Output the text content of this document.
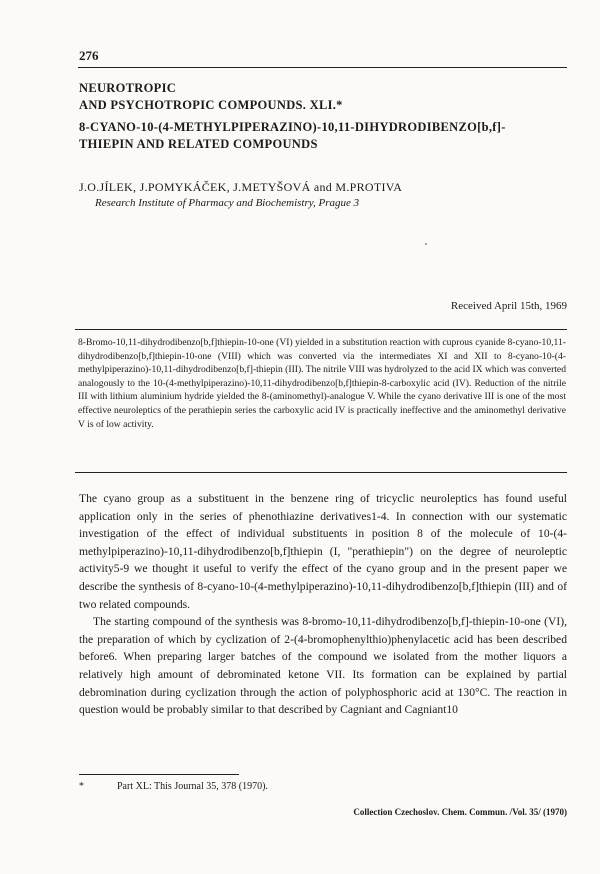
276
NEUROTROPIC
AND PSYCHOTROPIC COMPOUNDS. XLI.*
8-CYANO-10-(4-METHYLPIPERAZINO)-10,11-DIHYDRODIBENZO[b,f]-
THIEPIN AND RELATED COMPOUNDS
J.O.JÍLEK, J.POMYKÁČEK, J.METYŠOVÁ and M.PROTIVA
Research Institute of Pharmacy and Biochemistry, Prague 3
Received April 15th, 1969
8-Bromo-10,11-dihydrodibenzo[b,f]thiepin-10-one (VI) yielded in a substitution reaction with cuprous cyanide 8-cyano-10,11-dihydrodibenzo[b,f]thiepin-10-one (VIII) which was converted via the intermediates XI and XII to 8-cyano-10-(4-methylpiperazino)-10,11-dihydrodibenzo[b,f]-thiepin (III). The nitrile VIII was hydrolyzed to the acid IX which was converted analogously to the 10-(4-methylpiperazino)-10,11-dihydrodibenzo[b,f]thiepin-8-carboxylic acid (IV). Reduction of the nitrile III with lithium aluminium hydride yielded the 8-(aminomethyl)-analogue V. While the cyano derivative III is one of the most effective neuroleptics of the perathiepin series the carboxylic acid IV is practically ineffective and the aminomethyl derivative V is of low activity.

The cyano group as a substituent in the benzene ring of tricyclic neuroleptics has found useful application only in the series of phenothiazine derivatives1-4. In connection with our systematic investigation of the effect of individual substituents in position 8 of the molecule of 10-(4-methylpiperazino)-10,11-dihydrodibenzo[b,f]thiepin (I, "perathiepin") on the degree of neuroleptic activity5-9 we thought it useful to verify the effect of the cyano group and in the present paper we describe the synthesis of 8-cyano-10-(4-methylpiperazino)-10,11-dihydrodibenzo[b,f]thiepin (III) and of two related compounds.

The starting compound of the synthesis was 8-bromo-10,11-dihydrodibenzo[b,f]-thiepin-10-one (VI), the preparation of which by cyclization of 2-(4-bromophenylthio)phenylacetic acid has been described before6. When preparing larger batches of the compound we isolated from the mother liquors a relatively high amount of debrominated ketone VII. Its formation can be explained by partial debromination during cyclization through the action of polyphosphoric acid at 130°C. The reaction in question would be probably similar to that described by Cagniant and Cagniant10

*	Part XL: This Journal 35, 378 (1970).
Collection Czechoslov. Chem. Commun. /Vol. 35/ (1970)
